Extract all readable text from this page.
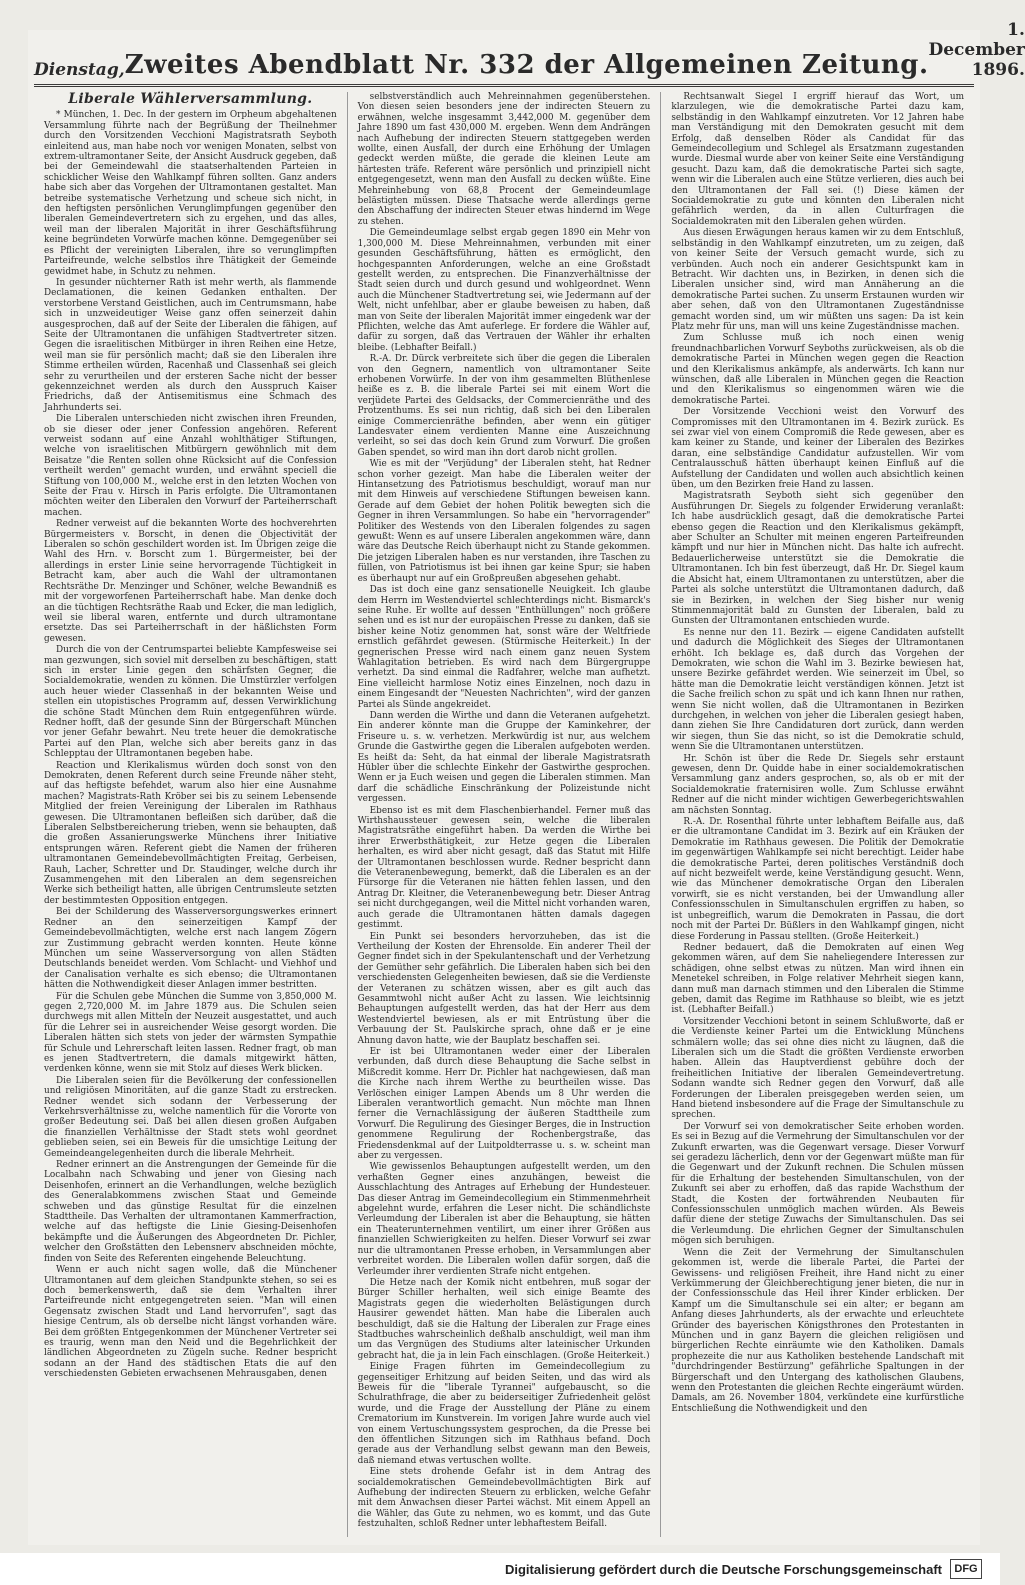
Dienstag, Zweites Abendblatt Nr. 332 der Allgemeinen Zeitung.
1. December 1896.
Liberale Wählerversammlung.

* München, 1. Dec. In der gestern im Orpheum abgehaltenen Versammlung führte nach der Begrüßung der Theilnehmer durch den Vorsitzenden Vecchioni Magistratsrath Seyboth einleitend aus, man habe noch vor wenigen Monaten, selbst von extrem-ultramontaner Seite, der Ansicht Ausdruck gegeben, daß bei der Gemeindewahl die staatserhaltenden Parteien in schicklicher Weise den Wahlkampf führen sollten. Ganz anders habe sich aber das Vorgehen der Ultramontanen gestaltet. Man betreibe systematische Verhetzung und scheue sich nicht, in den heftigsten persönlichen Verunglimpfungen gegenüber den liberalen Gemeindevertretern sich zu ergehen, und das alles, weil man der liberalen Majorität in ihrer Geschäftsführung keine begründeten Vorwürfe machen könne. Demgegenüber sei es Pflicht der vereinigten Liberalen, ihre so verunglimpften Parteifreunde, welche selbstlos ihre Thätigkeit der Gemeinde gewidmet habe, in Schutz zu nehmen.

In gesunder nüchterner Rath ist mehr werth, als flammende Declamationen, die keinen Gedanken enthalten. Der verstorbene Verstand Geistlichen, auch im Centrumsmann, habe sich in unzweideutiger Weise ganz offen seinerzeit dahin ausgesprochen, daß auf der Seite der Liberalen die fähigen, auf Seite der Ultramontanen die unfähigen Stadtvertreter sitzen. Gegen die israelitischen Mitbürger in ihren Reihen eine Hetze, weil man sie für persönlich macht; daß sie den Liberalen ihre Stimme ertheilen würden, Racenhaß und Classenhaß sei gleich sehr zu verurtheilen und der ersteren Sache nicht der besser gekennzeichnet werden als durch den Ausspruch Kaiser Friedrichs, daß der Antisemitismus eine Schmach des Jahrhunderts sei.

Die Liberalen unterschieden nicht zwischen ihren Freunden, ob sie dieser oder jener Confession angehören. Referent verweist sodann auf eine Anzahl wohlthätiger Stiftungen, welche von israelitischen Mitbürgern gewöhnlich mit dem Beisatze "die Renten sollen ohne Rücksicht auf die Confession vertheilt werden" gemacht wurden, und erwähnt speciell die Stiftung von 100,000 M., welche erst in den letzten Wochen von Seite der Frau v. Hirsch in Paris erfolgte. Die Ultramontanen möchten weiter den Liberalen den Vorwurf der Parteiherrschaft machen.

Redner verweist auf die bekannten Worte des hochverehrten Bürgermeisters v. Borscht, in denen die Objectivität der Liberalen so schön geschildert worden ist. Im Übrigen zeige die Wahl des Hrn. v. Borscht zum 1. Bürgermeister, bei der allerdings in erster Linie seine hervorragende Tüchtigkeit in Betracht kam, aber auch die Wahl der ultramontanen Rechtsräthe Dr. Menzinger und Schöner, welche Bewandniß es mit der vorgeworfenen Parteiherrschaft habe. Man denke doch an die tüchtigen Rechtsräthe Raab und Ecker, die man lediglich, weil sie liberal waren, entfernte und durch ultramontane ersetzte. Das sei Parteiherrschaft in der häßlichsten Form gewesen.

Durch die von der Centrumspartei beliebte Kampfesweise sei man gezwungen, sich soviel mit derselben zu beschäftigen, statt sich in erster Linie gegen den schärfsten Gegner, die Socialdemokratie, wenden zu können. Die Umstürzler verfolgen auch heuer wieder Classenhaß in der bekannten Weise und stellen ein utopistisches Programm auf, dessen Verwirklichung die schöne Stadt München dem Ruin entgegenführen würde. Redner hofft, daß der gesunde Sinn der Bürgerschaft München vor jener Gefahr bewahrt. Neu trete heuer die demokratische Partei auf den Plan, welche sich aber bereits ganz in das Schlepptau der Ultramontanen begeben habe.

Reaction und Klerikalismus würden doch sonst von den Demokraten, denen Referent durch seine Freunde näher steht, auf das heftigste befehdet, warum also hier eine Ausnahme machen? Magistrats-Rath Kröber sei bis zu seinem Lebensende Mitglied der freien Vereinigung der Liberalen im Rathhaus gewesen. Die Ultramontanen befleißen sich darüber, daß die Liberalen Selbstbereicherung trieben, wenn sie behaupten, daß die großen Assanierungswerke Münchens ihrer Initiative entsprungen wären. Referent giebt die Namen der früheren ultramontanen Gemeindebevollmächtigten Freitag, Gerbeisen, Rauh, Lacher, Schretter und Dr. Staudinger, welche durch ihr Zusammengehen mit den Liberalen an dem segensreichen Werke sich betheiligt hatten, alle übrigen Centrumsleute setzten der bestimmtesten Opposition entgegen.

Bei der Schilderung des Wasserversorgungswerkes erinnert Redner an den seinerzeitigen Kampf der Gemeindebevollmächtigten, welche erst nach langem Zögern zur Zustimmung gebracht werden konnten. Heute könne München um seine Wasserversorgung von allen Städten Deutschlands beneidet werden. Vom Schlacht- und Viehhof und der Canalisation verhalte es sich ebenso; die Ultramontanen hätten die Nothwendigkeit dieser Anlagen immer bestritten.

Für die Schulen gebe München die Summe von 3,850,000 M. gegen 2,720,000 M. im Jahre 1879 aus. Die Schulen seien durchwegs mit allen Mitteln der Neuzeit ausgestattet, und auch für die Lehrer sei in ausreichender Weise gesorgt worden. Die Liberalen hätten sich stets von jeder der wärmsten Sympathie für Schule und Lehrerschaft leiten lassen. Redner fragt, ob man es jenen Stadtvertretern, die damals mitgewirkt hätten, verdenken könne, wenn sie mit Stolz auf dieses Werk blicken.

Die Liberalen seien für die Bevölkerung der confessionellen und religiösen Minoritäten, auf die ganze Stadt zu erstrecken. Redner wendet sich sodann der Verbesserung der Verkehrsverhältnisse zu, welche namentlich für die Vororte von großer Bedeutung sei. Daß bei allen diesen großen Aufgaben die finanziellen Verhältnisse der Stadt stets wohl geordnet geblieben seien, sei ein Beweis für die umsichtige Leitung der Gemeindeangelegenheiten durch die liberale Mehrheit.

Redner erinnert an die Anstrengungen der Gemeinde für die Localbahn nach Schwabing und jener von Giesing nach Deisenhofen, erinnert an die Verhandlungen, welche bezüglich des Generalabkommens zwischen Staat und Gemeinde schweben und das günstige Resultat für die einzelnen Stadttheile. Das Verhalten der ultramontanen Kammerfraction, welche auf das heftigste die Linie Giesing-Deisenhofen bekämpfte und die Äußerungen des Abgeordneten Dr. Pichler, welcher den Großstätten den Lebensnerv abschneiden möchte, finden von Seite des Referenten eingehende Beleuchtung.

Wenn er auch nicht sagen wolle, daß die Münchener Ultramontanen auf dem gleichen Standpunkte stehen, so sei es doch bemerkenswerth, daß sie dem Verhalten ihrer Parteifreunde nicht entgegengetreten seien. "Man will einen Gegensatz zwischen Stadt und Land hervorrufen", sagt das hiesige Centrum, als ob derselbe nicht längst vorhanden wäre. Bei dem größten Entgegenkommen der Münchener Vertreter sei es traurig, wenn man den Neid und die Begehrlichkeit der ländlichen Abgeordneten zu Zügeln suche. Redner bespricht sodann an der Hand des städtischen Etats die auf den verschiedensten Gebieten erwachsenen Mehrausgaben, denen

selbstverständlich auch Mehreinnahmen gegenüberstehen. Von diesen seien besonders jene der indirecten Steuern zu erwähnen, welche insgesammt 3,442,000 M. gegenüber dem Jahre 1890 um fast 430,000 M. ergeben. Wenn dem Andrängen nach Aufhebung der indirecten Steuern stattgegeben werden wollte, einen Ausfall, der durch eine Erhöhung der Umlagen gedeckt werden müßte, die gerade die kleinen Leute am härtesten träfe. Referent wäre persönlich und prinzipiell nicht entgegengesetzt, wenn man den Ausfall zu decken wüßte. Eine Mehreinhebung von 68,8 Procent der Gemeindeumlage belästigten müssen. Diese Thatsache werde allerdings gerne den Abschaffung der indirecten Steuer etwas hindernd im Wege zu stehen.

Die Gemeindeumlage selbst ergab gegen 1890 ein Mehr von 1,300,000 M. Diese Mehreinnahmen, verbunden mit einer gesunden Geschäftsführung, hätten es ermöglicht, den hochgespannten Anforderungen, welche an eine Großstadt gestellt werden, zu entsprechen. Die Finanzverhältnisse der Stadt seien durch und durch gesund und wohlgeordnet. Wenn auch die Münchener Stadtvertretung sei, wie Jedermann auf der Welt, nicht unfehlbar, aber er glaube beweisen zu haben, daß man von Seite der liberalen Majorität immer eingedenk war der Pflichten, welche das Amt auferlege. Er fordere die Wähler auf, dafür zu sorgen, daß das Vertrauen der Wähler ihr erhalten bleibe. (Lebhafter Beifall.)

R.-A. Dr. Dürck verbreitete sich über die gegen die Liberalen von den Gegnern, namentlich von ultramontaner Seite erhobenen Vorwürfe. In der von ihm gesammelten Blüthenlese heiße es z. B. die liberale Partei sei mit einem Wort die verjüdete Partei des Geldsacks, der Commercienräthe und des Protzenthums. Es sei nun richtig, daß sich bei den Liberalen einige Commercienräthe befinden, aber wenn ein gütiger Landesvater einem verdienten Manne eine Auszeichnung verleiht, so sei das doch kein Grund zum Vorwurf. Die großen Gaben spendet, so wird man ihn dort darob nicht grollen.

Wie es mit der "Verjüdung" der Liberalen steht, hat Redner schon vorher gezeigt. Man habe die Liberalen weiter der Hintansetzung des Patriotismus beschuldigt, worauf man nur mit dem Hinweis auf verschiedene Stiftungen beweisen kann. Gerade auf dem Gebiet der hohen Politik bewegten sich die Gegner in ihren Versammlungen. So habe ein "hervorragender" Politiker des Westends von den Liberalen folgendes zu sagen gewußt: Wenn es auf unsere Liberalen angekommen wäre, dann wäre das Deutsche Reich überhaupt nicht zu Stande gekommen. Die jetzigen Liberalen haben es nur verstanden, ihre Taschen zu füllen, von Patriotismus ist bei ihnen gar keine Spur; sie haben es überhaupt nur auf ein Großpreußen abgesehen gehabt.

Das ist doch eine ganz sensationelle Neuigkeit. Ich glaube dem Herrn im Westendviertel schlechterdings nicht. Bismarck's seine Ruhe. Er wollte auf dessen "Enthüllungen" noch größere sehen und es ist nur der europäischen Presse zu danken, daß sie bisher keine Notiz genommen hat, sonst wäre der Weltfriede ernstlich gefährdet gewesen. (Stürmische Heiterkeit.) In der gegnerischen Presse wird nach einem ganz neuen System Wahlagitation betrieben. Es wird nach dem Bürgergruppe verhetzt. Da sind einmal die Radfahrer, welche man aufhetzt. Eine vielleicht harmlose Notiz eines Einzelnen, noch dazu in einem Eingesandt der "Neuesten Nachrichten", wird der ganzen Partei als Sünde angekreidet.

Dann werden die Wirthe und dann die Veteranen aufgehetzt. Ein anderer könnte man die Gruppe der Kaminkehrer, der Friseure u. s. w. verhetzen. Merkwürdig ist nur, aus welchem Grunde die Gastwirthe gegen die Liberalen aufgeboten werden. Es heißt da: Seht, da hat einmal der liberale Magistratsrath Hübler über die schlechte Einkehr der Gastwirthe gesprochen. Wenn er ja Euch weisen und gegen die Liberalen stimmen. Man darf die schädliche Einschränkung der Polizeistunde nicht vergessen.

Ebenso ist es mit dem Flaschenbierhandel. Ferner muß das Wirthshaussteuer gewesen sein, welche die liberalen Magistratsräthe eingeführt haben. Da werden die Wirthe bei ihrer Erwerbsthätigkeit, zur Hetze gegen die Liberalen herhalten, es wird aber nicht gesagt, daß das Statut mit Hilfe der Ultramontanen beschlossen wurde. Redner bespricht dann die Veteranenbewegung, bemerkt, daß die Liberalen es an der Fürsorge für die Veteranen nie hätten fehlen lassen, und den Antrag Dr. Kleitner, die Veteranenbewegung betr. Dieser Antrag sei nicht durchgegangen, weil die Mittel nicht vorhanden waren, auch gerade die Ultramontanen hätten damals dagegen gestimmt.

Ein Punkt sei besonders hervorzuheben, das ist die Vertheilung der Kosten der Ehrensolde. Ein anderer Theil der Gegner findet sich in der Spekulantenschaft und der Verhetzung der Gemüther sehr gefährlich. Die Liberalen haben sich bei den verschiedensten Gelegenheiten bewiesen, daß sie die Verdienste der Veteranen zu schätzen wissen, aber es gilt auch das Gesammtwohl nicht außer Acht zu lassen. Wie leichtsinnig Behauptungen aufgestellt werden, das hat der Herr aus dem Westendviertel bewiesen, als er mit Entrüstung über die Verbauung der St. Paulskirche sprach, ohne daß er je eine Ahnung davon hatte, wie der Bauplatz beschaffen sei.

Er ist bei Ultramontanen weder einer der Liberalen verbunden, daß durch diese Behauptung die Sache selbst in Mißcredit komme. Herr Dr. Pichler hat nachgewiesen, daß man die Kirche nach ihrem Werthe zu beurtheilen wisse. Das Verlöschen einiger Lampen Abends um 8 Uhr werden die Liberalen verantwortlich gemacht. Nun möchte man Ihnen ferner die Vernachlässigung der äußeren Stadttheile zum Vorwurf. Die Regulirung des Giesinger Berges, die in Instruction genommene Regulirung der Rochenbergstraße, das Friedensdenkmal auf der Luitpoldterrasse u. s. w. scheint man aber zu vergessen.

Wie gewissenlos Behauptungen aufgestellt werden, um den verhaßten Gegner eines anzuhängen, beweist die Ausschlachtung des Antrages auf Erhebung der Hundesteuer. Das dieser Antrag im Gemeindecollegium ein Stimmenmehrheit abgelehnt wurde, erfahren die Leser nicht. Die schändlichste Verleumdung der Liberalen ist aber die Behauptung, sie hätten ein Theaterunternehmen ventilirt, um einer ihrer Größen aus finanziellen Schwierigkeiten zu helfen. Dieser Vorwurf sei zwar nur die ultramontanen Presse erhoben, in Versammlungen aber verbreitet worden. Die Liberalen wollen dafür sorgen, daß die Verleumder ihrer verdienten Strafe nicht entgehen.

Die Hetze nach der Komik nicht entbehren, muß sogar der Bürger Schiller herhalten, weil sich einige Beamte des Magistrats gegen die wiederholten Belästigungen durch Hausirer gewendet hätten. Man habe die Liberalen auch beschuldigt, daß sie die Haltung der Liberalen zur Frage eines Stadtbuches wahrscheinlich deßhalb anschuldigt, weil man ihm um das Vergnügen des Studiums alter lateinischer Urkunden gebracht hat, die ja in lein Fach einschlagen. (Große Heiterkeit.)

Einige Fragen führten im Gemeindecollegium zu gegenseitiger Erhitzung auf beiden Seiten, und das wird als Beweis für die "liberale Tyrannei" aufgebauscht, so die Schulrathfrage, die aber zu beiderseitiger Zufriedenheit gelöst wurde, und die Frage der Ausstellung der Pläne zu einem Crematorium im Kunstverein. Im vorigen Jahre wurde auch viel von einem Vertuschungssystem gesprochen, da die Presse bei den öffentlichen Sitzungen sich im Rathhaus befand. Doch gerade aus der Verhandlung selbst gewann man den Beweis, daß niemand etwas vertuschen wollte.

Eine stets drohende Gefahr ist in dem Antrag des socialdemokratischen Gemeindebevollmächtigten Birk auf Aufhebung der indirecten Steuern zu erblicken, welche Gefahr mit dem Anwachsen dieser Partei wächst. Mit einem Appell an die Wähler, das Gute zu nehmen, wo es kommt, und das Gute festzuhalten, schloß Redner unter lebhaftestem Beifall.

Rechtsanwalt Siegel I ergriff hierauf das Wort, um klarzulegen, wie die demokratische Partei dazu kam, selbständig in den Wahlkampf einzutreten. Vor 12 Jahren habe man Verständigung mit den Demokraten gesucht mit dem Erfolg, daß denselben Röder als Candidat für das Gemeindecollegium und Schlegel als Ersatzmann zugestanden wurde. Diesmal wurde aber von keiner Seite eine Verständigung gesucht. Dazu kam, daß die demokratische Partei sich sagte, wenn wir die Liberalen auch eine Stütze verlieren, dies auch bei den Ultramontanen der Fall sei. (!) Diese kämen der Socialdemokratie zu gute und könnten den Liberalen nicht gefährlich werden, da in allen Culturfragen die Socialdemokraten mit den Liberalen gehen würden.

Aus diesen Erwägungen heraus kamen wir zu dem Entschluß, selbständig in den Wahlkampf einzutreten, um zu zeigen, daß von keiner Seite der Versuch gemacht wurde, sich zu verbünden. Auch noch ein anderer Gesichtspunkt kam in Betracht. Wir dachten uns, in Bezirken, in denen sich die Liberalen unsicher sind, wird man Annäherung an die demokratische Partei suchen. Zu unserm Erstaunen wurden wir aber sehen, daß von den Ultramontanen Zugeständnisse gemacht worden sind, um wir müßten uns sagen: Da ist kein Platz mehr für uns, man will uns keine Zugeständnisse machen.

Zum Schlusse muß ich noch einen wenig freundnachbarlichen Vorwurf Seyboths zurückweisen, als ob die demokratische Partei in München wegen gegen die Reaction und den Klerikalismus ankämpfe, als anderwärts. Ich kann nur wünschen, daß alle Liberalen in München gegen die Reaction und den Klerikalismus so eingenommen wären wie die demokratische Partei.

Der Vorsitzende Vecchioni weist den Vorwurf des Compromisses mit den Ultramontanen im 4. Bezirk zurück. Es sei zwar viel von einem Compromiß die Rede gewesen, aber es kam keiner zu Stande, und keiner der Liberalen des Bezirkes daran, eine selbständige Candidatur aufzustellen. Wir vom Centralausschuß hätten überhaupt keinen Einfluß auf die Aufstellung der Candidaten und wollen auch absichtlich keinen üben, um den Bezirken freie Hand zu lassen.

Magistratsrath Seyboth sieht sich gegenüber den Ausführungen Dr. Siegels zu folgender Erwiderung veranlaßt: Ich habe ausdrücklich gesagt, daß die demokratische Partei ebenso gegen die Reaction und den Klerikalismus gekämpft, aber Schulter an Schulter mit meinen engeren Parteifreunden kämpft und nur hier in München nicht. Das halte ich aufrecht. Bedauerlicherweise unterstützt sie die Demokratie die Ultramontanen. Ich bin fest überzeugt, daß Hr. Dr. Siegel kaum die Absicht hat, einem Ultramontanen zu unterstützen, aber die Partei als solche unterstützt die Ultramontanen dadurch, daß sie in Bezirken, in welchen der Sieg bisher nur wenig Stimmenmajorität bald zu Gunsten der Liberalen, bald zu Gunsten der Ultramontanen entschieden wurde.

Es nenne nur den 11. Bezirk — eigene Candidaten aufstellt und dadurch die Möglichkeit des Sieges der Ultramontanen erhöht. Ich beklage es, daß durch das Vorgehen der Demokraten, wie schon die Wahl im 3. Bezirke bewiesen hat, unsere Bezirke gefährdet werden. Wie seinerzeit im Übel, so hätte man die Demokratie leicht verständigen können. Jetzt ist die Sache freilich schon zu spät und ich kann Ihnen nur rathen, wenn Sie nicht wollen, daß die Ultramontanen in Bezirken durchgehen, in welchen von jeher die Liberalen gesiegt haben, dann ziehen Sie Ihre Candidaturen dort zurück, dann werden wir siegen, thun Sie das nicht, so ist die Demokratie schuld, wenn Sie die Ultramontanen unterstützen.

Hr. Schön ist über die Rede Dr. Siegels sehr erstaunt gewesen, denn Dr. Quidde habe in einer socialdemokratischen Versammlung ganz anders gesprochen, so, als ob er mit der Socialdemokratie fraternisiren wolle. Zum Schlusse erwähnt Redner auf die nicht minder wichtigen Gewerbegerichtswahlen am nächsten Sonntag.

R.-A. Dr. Rosenthal führte unter lebhaftem Beifalle aus, daß er die ultramontane Candidat im 3. Bezirk auf ein Kräuken der Demokratie im Rathhaus gewesen. Die Politik der Demokratie im gegenwärtigen Wahlkampfe sei nicht berechtigt. Leider habe die demokratische Partei, deren politisches Verständniß doch auf nicht bezweifelt werde, keine Verständigung gesucht. Wenn, wie das Münchener demokratische Organ den Liberalen vorwirft, sie es nicht verstanden, bei der Umwandlung aller Confessionsschulen in Simultanschulen ergriffen zu haben, so ist unbegreiflich, warum die Demokraten in Passau, die dort noch mit der Partei Dr. Büßlers in den Wahlkampf gingen, nicht diese Forderung in Passau stellten. (Große Heiterkeit.)

Redner bedauert, daß die Demokraten auf einen Weg gekommen wären, auf dem Sie naheliegendere Interessen zur schädigen, ohne selbst etwas zu nützen. Man wird ihnen ein Menetekel schreiben, in Folge relativer Mehrheit siegen kann, dann muß man darnach stimmen und den Liberalen die Stimme geben, damit das Regime im Rathhause so bleibt, wie es jetzt ist. (Lebhafter Beifall.)

Vorsitzender Vecchioni betont in seinem Schlußworte, daß er die Verdienste keiner Partei um die Entwicklung Münchens schmälern wolle; das sei ohne dies nicht zu läugnen, daß die Liberalen sich um die Stadt die größten Verdienste erworben haben. Allein das Hauptverdienst gebühre doch der freiheitlichen Initiative der liberalen Gemeindevertretung. Sodann wandte sich Redner gegen den Vorwurf, daß alle Forderungen der Liberalen preisgegeben werden seien, um Hand bietend insbesondere auf die Frage der Simultanschule zu sprechen.

Der Vorwurf sei von demokratischer Seite erhoben worden. Es sei in Bezug auf die Vermehrung der Simultanschulen vor der Zukunft erwarten, was die Gegenwart versage. Dieser Vorwurf sei geradezu lächerlich, denn vor der Gegenwart müßte man für die Gegenwart und der Zukunft rechnen. Die Schulen müssen für die Erhaltung der bestehenden Simultanschulen, von der Zukunft sei aber zu erhoffen, daß das rapide Wachsthum der Stadt, die Kosten der fortwährenden Neubauten für Confessionsschulen unmöglich machen würden. Als Beweis dafür diene der stetige Zuwachs der Simultanschulen. Das sei die Verleumdung. Die ehrlichen Gegner der Simultanschulen mögen sich beruhigen.

Wenn die Zeit der Vermehrung der Simultanschulen gekommen ist, werde die liberale Partei, die Partei der Gewissens- und religiösen Freiheit, ihre Hand nicht zu einer Verkümmerung der Gleichberechtigung jener bieten, die nur in der Confessionsschule das Heil ihrer Kinder erblicken. Der Kampf um die Simultanschule sei ein alter; er begann am Anfang dieses Jahrhunderts, als der erwachte und erleuchtete Gründer des bayerischen Königsthrones den Protestanten in München und in ganz Bayern die gleichen religiösen und bürgerlichen Rechte einräumte wie den Katholiken. Damals prophezeite die nur aus Katholiken bestehende Landschaft mit "durchdringender Bestürzung" gefährliche Spaltungen in der Bürgerschaft und den Untergang des katholischen Glaubens, wenn den Protestanten die gleichen Rechte eingeräumt würden. Damals, am 26. November 1804, verkündete eine kurfürstliche Entschließung die Nothwendigkeit und den

Digitalisierung gefördert durch die Deutsche Forschungsgemeinschaft	DFG
